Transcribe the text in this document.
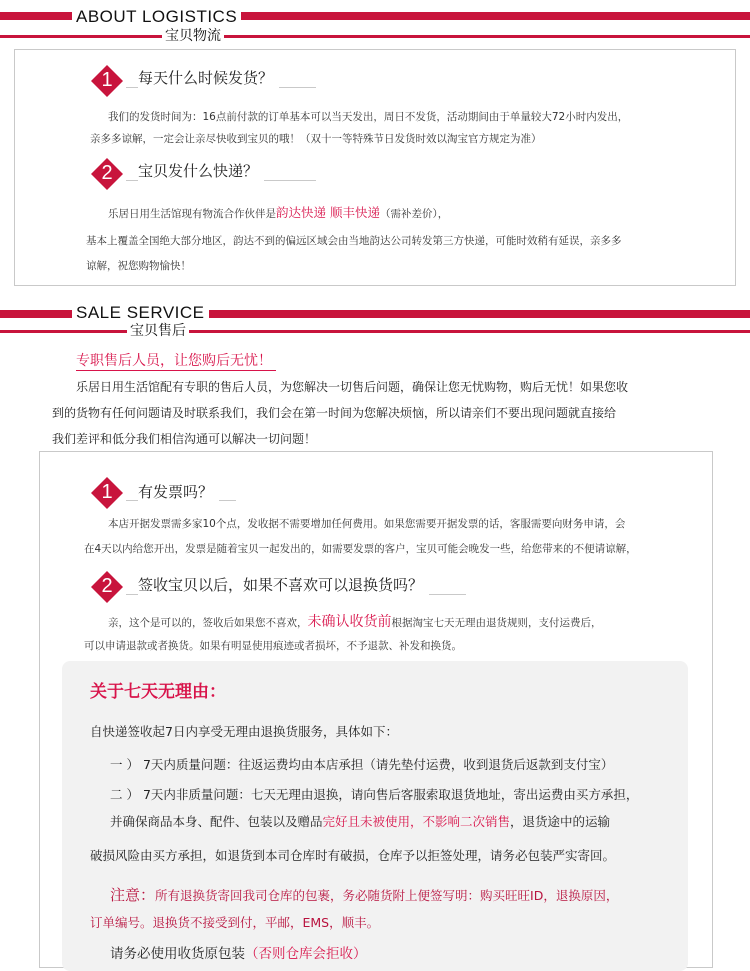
ABOUT LOGISTICS
宝贝物流
1	每天什么时候发货？
我们的发货时间为：16点前付款的订单基本可以当天发出，周日不发货，活动期间由于单量较大72小时内发出，
亲多多谅解，一定会让亲尽快收到宝贝的哦！（双十一等特殊节日发货时效以淘宝官方规定为准）
2	宝贝发什么快递？
乐居日用生活馆现有物流合作伙伴是韵达快递 顺丰快递（需补差价），
基本上覆盖全国绝大部分地区，韵达不到的偏远区域会由当地韵达公司转发第三方快递，可能时效稍有延误，亲多多
谅解，祝您购物愉快！
SALE SERVICE
宝贝售后
专职售后人员，让您购后无忧！
乐居日用生活馆配有专职的售后人员，为您解决一切售后问题，确保让您无忧购物，购后无忧！如果您收
到的货物有任何问题请及时联系我们，我们会在第一时间为您解决烦恼，所以请亲们不要出现问题就直接给
我们差评和低分我们相信沟通可以解决一切问题！
1	有发票吗？
本店开据发票需多家10个点，发收据不需要增加任何费用。如果您需要开据发票的话，客服需要向财务申请，会
在4天以内给您开出，发票是随着宝贝一起发出的，如需要发票的客户，宝贝可能会晚发一些，给您带来的不便请谅解，
2	签收宝贝以后，如果不喜欢可以退换货吗？
亲，这个是可以的，签收后如果您不喜欢，未确认收货前根据淘宝七天无理由退货规则，支付运费后，
可以申请退款或者换货。如果有明显使用痕迹或者损坏，不予退款、补发和换货。
关于七天无理由：
自快递签收起7日内享受无理由退换货服务，具体如下：
一 ） 7天内质量问题：往返运费均由本店承担（请先垫付运费，收到退货后返款到支付宝）
二 ） 7天内非质量问题：七天无理由退换，请向售后客服索取退货地址，寄出运费由买方承担，
并确保商品本身、配件、包装以及赠品完好且未被使用，不影响二次销售，退货途中的运输
破损风险由买方承担，如退货到本司仓库时有破损，仓库予以拒签处理，请务必包装严实寄回。
注意：所有退换货寄回我司仓库的包裹，务必随货附上便签写明：购买旺旺ID，退换原因，
订单编号。退换货不接受到付，平邮，EMS，顺丰。
请务必使用收货原包装（否则仓库会拒收）
